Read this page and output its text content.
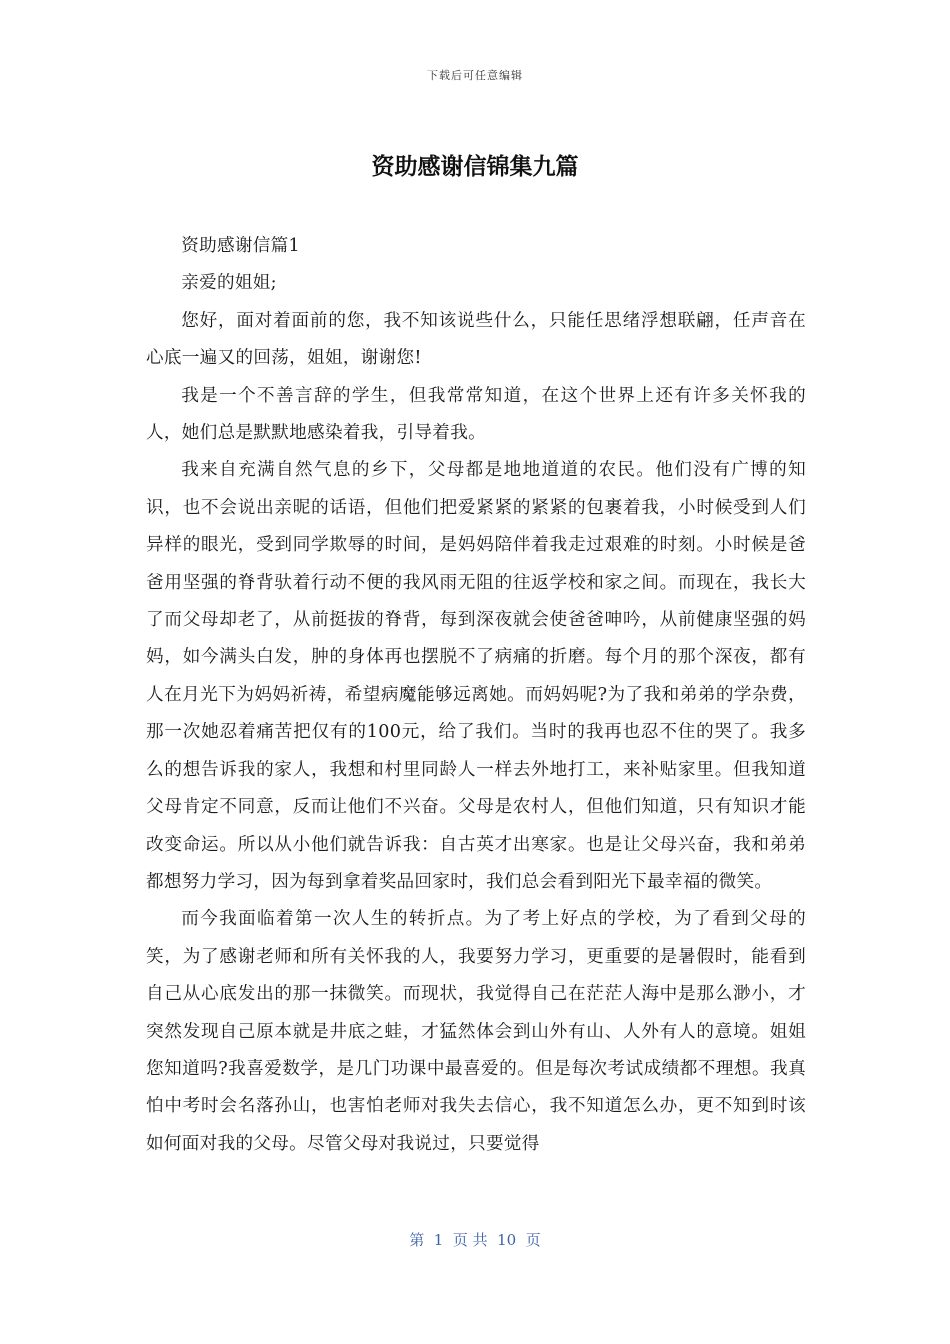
下载后可任意编辑
资助感谢信锦集九篇

资助感谢信篇1

亲爱的姐姐;

您好，面对着面前的您，我不知该说些什么，只能任思绪浮想联翩，任声音在心底一遍又的回荡，姐姐，谢谢您!

我是一个不善言辞的学生，但我常常知道，在这个世界上还有许多关怀我的人，她们总是默默地感染着我，引导着我。

我来自充满自然气息的乡下，父母都是地地道道的农民。他们没有广博的知识，也不会说出亲昵的话语，但他们把爱紧紧的紧紧的包裹着我，小时候受到人们异样的眼光，受到同学欺辱的时间，是妈妈陪伴着我走过艰难的时刻。小时候是爸爸用坚强的脊背驮着行动不便的我风雨无阻的往返学校和家之间。而现在，我长大了而父母却老了，从前挺拔的脊背，每到深夜就会使爸爸呻吟，从前健康坚强的妈妈，如今满头白发，肿的身体再也摆脱不了病痛的折磨。每个月的那个深夜，都有人在月光下为妈妈祈祷，希望病魔能够远离她。而妈妈呢?为了我和弟弟的学杂费，那一次她忍着痛苦把仅有的100元，给了我们。当时的我再也忍不住的哭了。我多么的想告诉我的家人，我想和村里同龄人一样去外地打工，来补贴家里。但我知道父母肯定不同意，反而让他们不兴奋。父母是农村人，但他们知道，只有知识才能改变命运。所以从小他们就告诉我：自古英才出寒家。也是让父母兴奋，我和弟弟都想努力学习，因为每到拿着奖品回家时，我们总会看到阳光下最幸福的微笑。

而今我面临着第一次人生的转折点。为了考上好点的学校，为了看到父母的笑，为了感谢老师和所有关怀我的人，我要努力学习，更重要的是暑假时，能看到自己从心底发出的那一抹微笑。而现状，我觉得自己在茫茫人海中是那么渺小，才突然发现自己原本就是井底之蛙，才猛然体会到山外有山、人外有人的意境。姐姐您知道吗?我喜爱数学，是几门功课中最喜爱的。但是每次考试成绩都不理想。我真怕中考时会名落孙山，也害怕老师对我失去信心，我不知道怎么办，更不知到时该如何面对我的父母。尽管父母对我说过，只要觉得

第  1  页 共  10  页
